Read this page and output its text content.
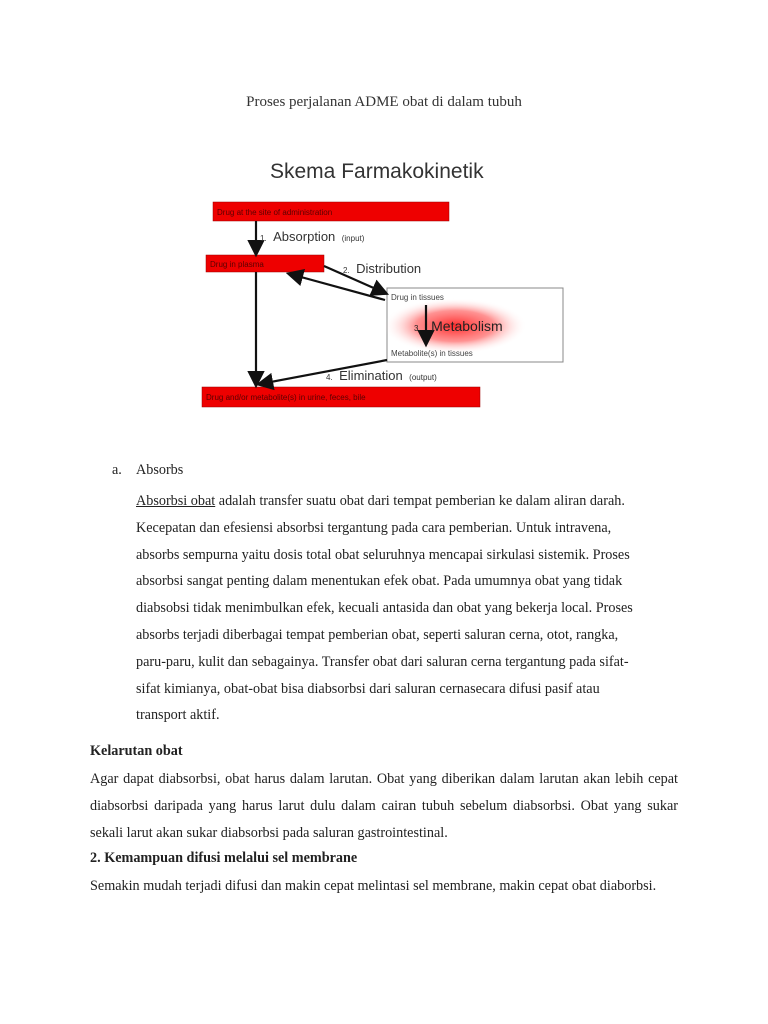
Proses perjalanan ADME obat di dalam tubuh
Skema Farmakokinetik
Drug at the site of administration
Drug in plasma
Drug in tissues
Metabolite(s) in tissues
Drug and/or metabolite(s) in urine, feces, bile
1. Absorption (input)
2. Distribution
3. Metabolism
4. Elimination (output)
a. Absorbs
Absorbsi obat adalah transfer suatu obat dari tempat pemberian ke dalam aliran darah.
Kecepatan dan efesiensi absorbsi tergantung pada cara pemberian. Untuk intravena,
absorbs sempurna yaitu dosis total obat seluruhnya mencapai sirkulasi sistemik. Proses
absorbsi sangat penting dalam menentukan efek obat. Pada umumnya obat yang tidak
diabsobsi tidak menimbulkan efek, kecuali antasida dan obat yang bekerja local. Proses
absorbs terjadi diberbagai tempat pemberian obat, seperti saluran cerna, otot, rangka,
paru-paru, kulit dan sebagainya. Transfer obat dari saluran cerna tergantung pada sifat-
sifat kimianya, obat-obat bisa diabsorbsi dari saluran cernasecara difusi pasif atau
transport aktif.
Kelarutan obat
Agar dapat diabsorbsi, obat harus dalam larutan. Obat yang diberikan dalam larutan akan lebih cepat diabsorbsi daripada yang harus larut dulu dalam cairan tubuh sebelum diabsorbsi. Obat yang sukar sekali larut akan sukar diabsorbsi pada saluran gastrointestinal.
2. Kemampuan difusi melalui sel membrane
Semakin mudah terjadi difusi dan makin cepat melintasi sel membrane, makin cepat obat diaborbsi.
